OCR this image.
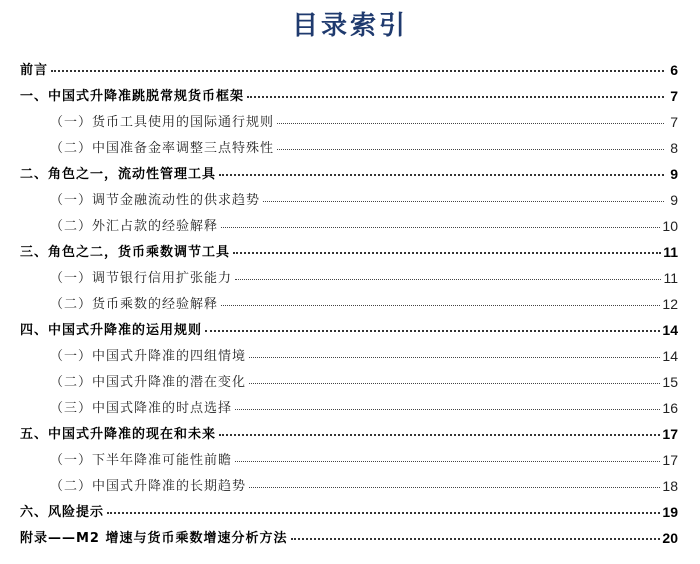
目录索引
前言	6
一、中国式升降准跳脱常规货币框架	7
（一）货币工具使用的国际通行规则	7
（二）中国准备金率调整三点特殊性	8
二、角色之一，流动性管理工具	9
（一）调节金融流动性的供求趋势	9
（二）外汇占款的经验解释	10
三、角色之二，货币乘数调节工具	11
（一）调节银行信用扩张能力	11
（二）货币乘数的经验解释	12
四、中国式升降准的运用规则	14
（一）中国式升降准的四组情境	14
（二）中国式升降准的潜在变化	15
（三）中国式降准的时点选择	16
五、中国式升降准的现在和未来	17
（一）下半年降准可能性前瞻	17
（二）中国式升降准的长期趋势	18
六、风险提示	19
附录——M2 增速与货币乘数增速分析方法	20
